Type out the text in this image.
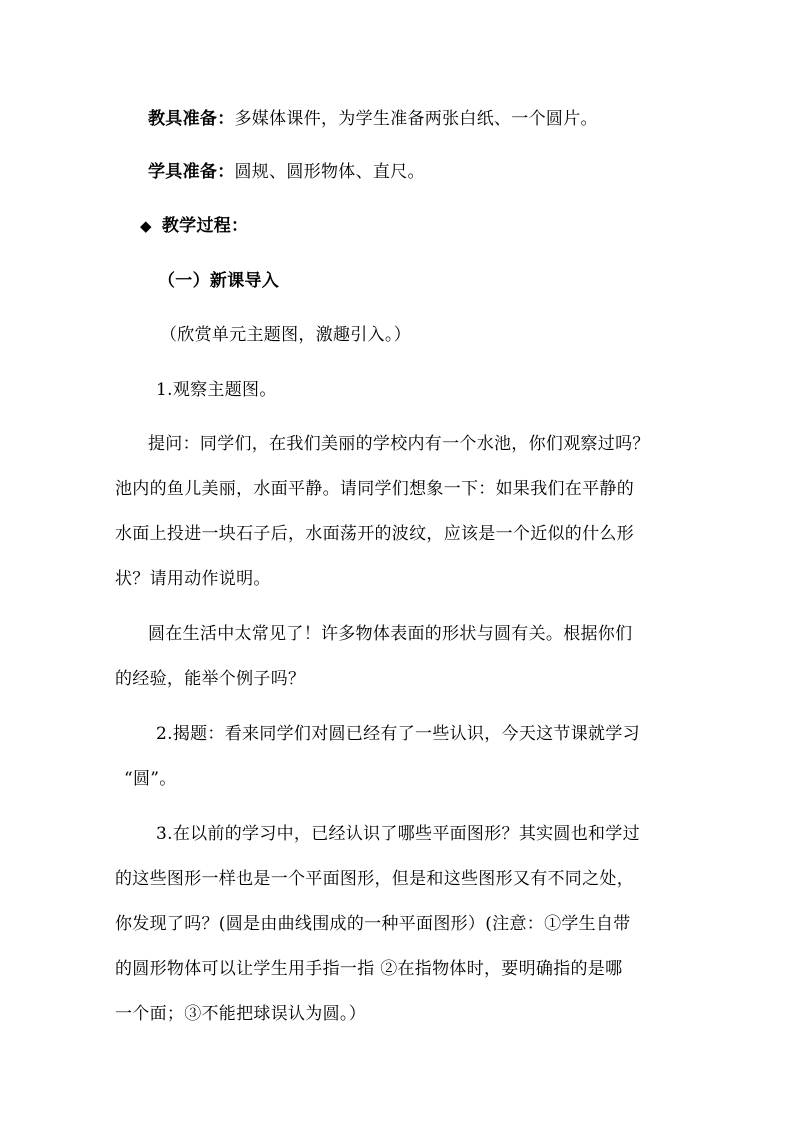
教具准备：多媒体课件，为学生准备两张白纸、一个圆片。
学具准备：圆规、圆形物体、直尺。
◆ 教学过程：
（一）新课导入
（欣赏单元主题图，激趣引入。）
1.观察主题图。
提问：同学们，在我们美丽的学校内有一个水池，你们观察过吗？
池内的鱼儿美丽，水面平静。请同学们想象一下：如果我们在平静的
水面上投进一块石子后，水面荡开的波纹，应该是一个近似的什么形
状？请用动作说明。
圆在生活中太常见了！许多物体表面的形状与圆有关。根据你们
的经验，能举个例子吗？
2.揭题：看来同学们对圆已经有了一些认识，今天这节课就学习
“圆”。
3.在以前的学习中，已经认识了哪些平面图形？其实圆也和学过
的这些图形一样也是一个平面图形，但是和这些图形又有不同之处，
你发现了吗？(圆是由曲线围成的一种平面图形）(注意：①学生自带
的圆形物体可以让学生用手指一指 ②在指物体时，要明确指的是哪
一个面；③不能把球误认为圆。）
